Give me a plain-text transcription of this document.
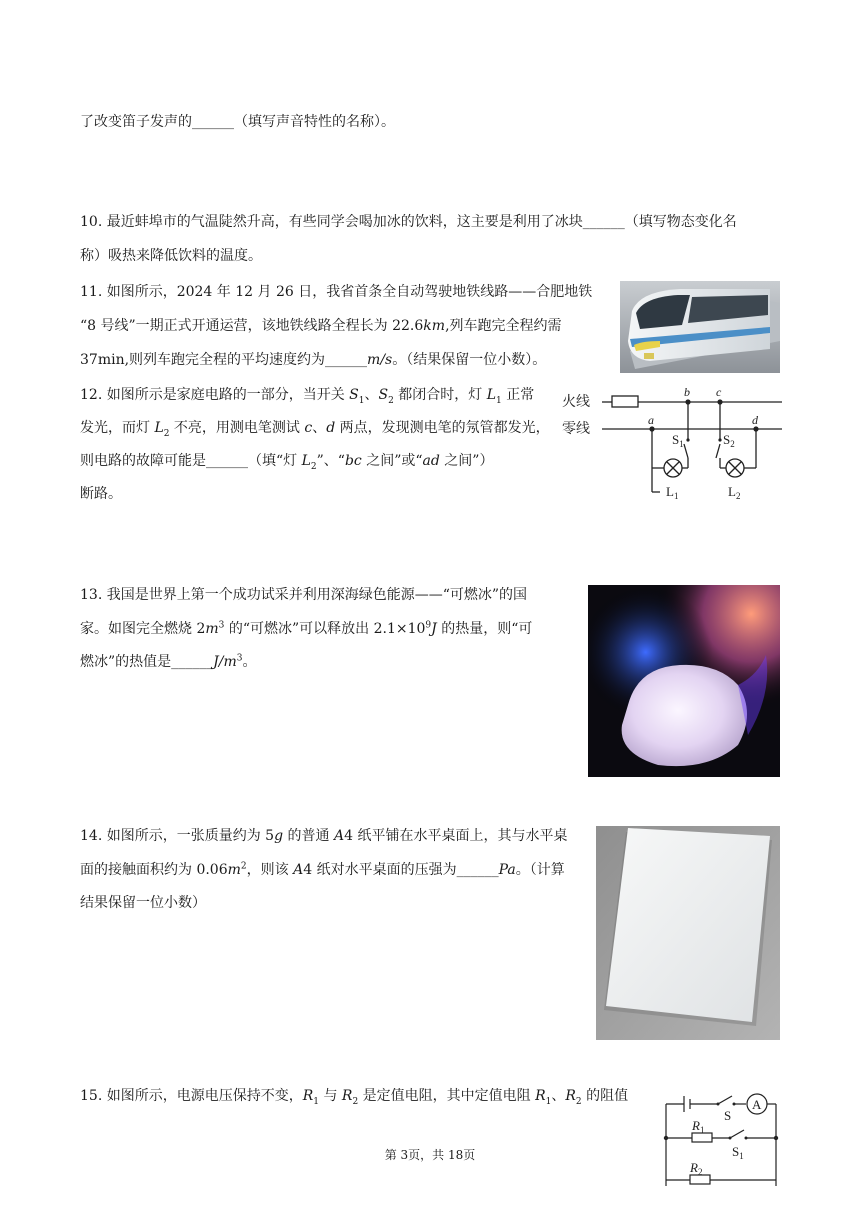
了改变笛子发声的______（填写声音特性的名称）。
10. 最近蚌埠市的气温陡然升高，有些同学会喝加冰的饮料，这主要是利用了冰块______（填写物态变化名
称）吸热来降低饮料的温度。
11. 如图所示，2024 年 12 月 26 日，我省首条全自动驾驶地铁线路——合肥地铁
“8 号线”一期正式开通运营，该地铁线路全程长为 22.6km,列车跑完全程约需
37min,则列车跑完全程的平均速度约为______m/s。（结果保留一位小数）。
12. 如图所示是家庭电路的一部分，当开关 $S_1$、$S_2$ 都闭合时，灯 $L_1$ 正常
发光，而灯 $L_2$ 不亮，用测电笔测试 c、d 两点，发现测电笔的氖管都发光，
则电路的故障可能是______（填“灯 $L_2$”、“bc 之间”或“ad 之间”）
断路。
火线
零线
a
b c
d
$S_1$	$S_2$
$L_1$	$L_2$
13. 我国是世界上第一个成功试采并利用深海绿色能源——“可燃冰”的国
家。如图完全燃烧 $2m^3$ 的“可燃冰”可以释放出 $2.1\times 10^9J$ 的热量，则“可
燃冰”的热值是$\_\_\_\_\_\_J/m^3$。
14. 如图所示，一张质量约为 5g 的普通 A4 纸平铺在水平桌面上，其与水平桌
面的接触面积约为 $0.06m^2$，则该 A4 纸对水平桌面的压强为______Pa。（计算
结果保留一位小数）
15. 如图所示，电源电压保持不变，$R_1$ 与 $R_2$ 是定值电阻，其中定值电阻 $R_1$、$R_2$ 的阻值
S
A
$R_1$
$S_1$
$R_2$
第 3页，共 18页
